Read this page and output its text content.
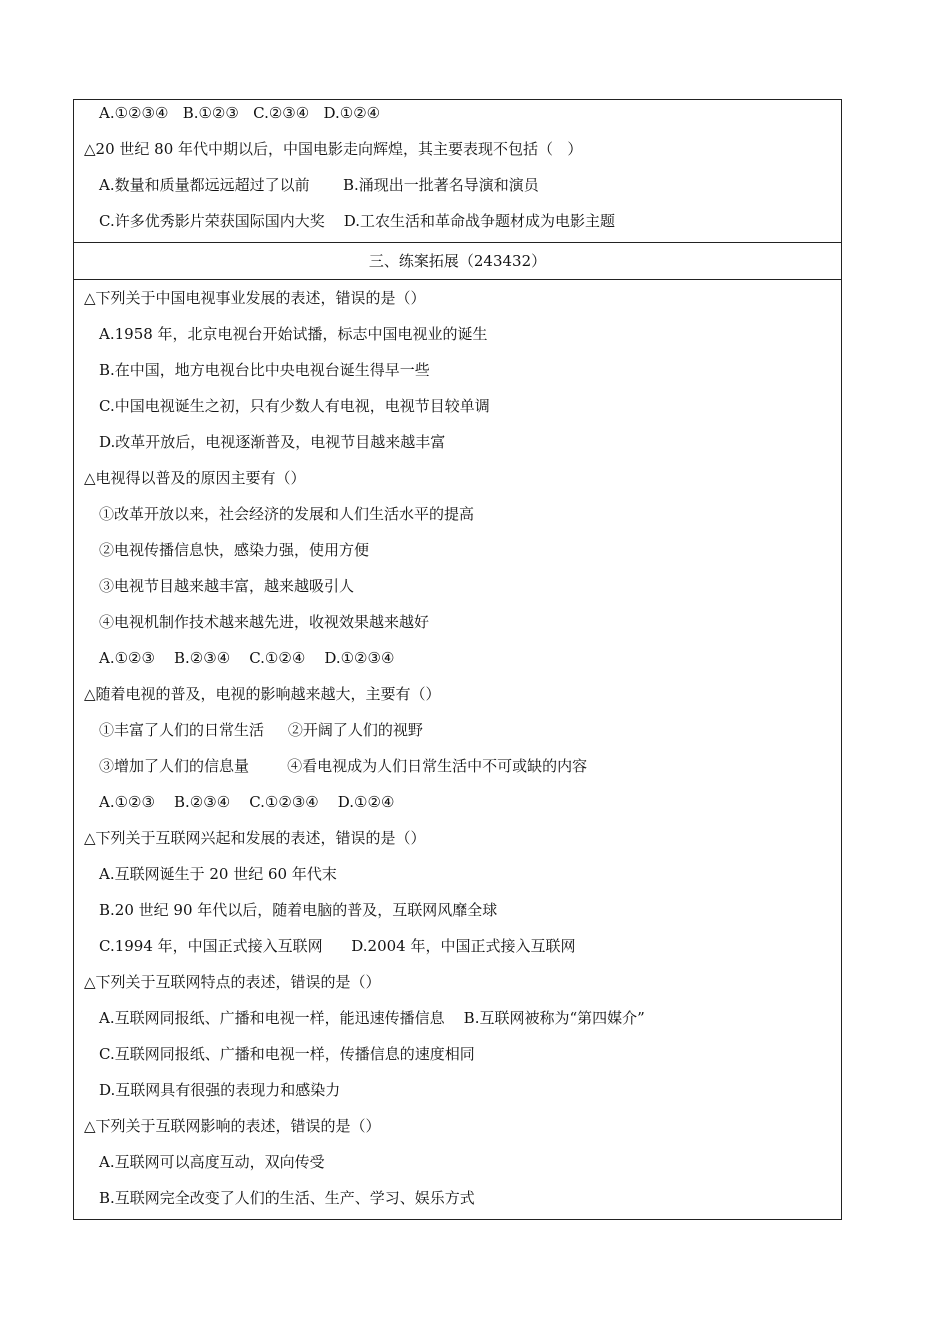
A.①②③④   B.①②③   C.②③④   D.①②④
△20 世纪 80 年代中期以后，中国电影走向辉煌，其主要表现不包括（   ）
A.数量和质量都远远超过了以前       B.涌现出一批著名导演和演员
C.许多优秀影片荣获国际国内大奖    D.工农生活和革命战争题材成为电影主题
三、练案拓展（243432）
△下列关于中国电视事业发展的表述，错误的是（）
A.1958 年，北京电视台开始试播，标志中国电视业的诞生
B.在中国，地方电视台比中央电视台诞生得早一些
C.中国电视诞生之初，只有少数人有电视，电视节目较单调
D.改革开放后，电视逐渐普及，电视节目越来越丰富
△电视得以普及的原因主要有（）
①改革开放以来，社会经济的发展和人们生活水平的提高
②电视传播信息快，感染力强，使用方便
③电视节目越来越丰富，越来越吸引人
④电视机制作技术越来越先进，收视效果越来越好
A.①②③    B.②③④    C.①②④    D.①②③④
△随着电视的普及，电视的影响越来越大，主要有（）
①丰富了人们的日常生活     ②开阔了人们的视野
③增加了人们的信息量        ④看电视成为人们日常生活中不可或缺的内容
A.①②③    B.②③④    C.①②③④    D.①②④
△下列关于互联网兴起和发展的表述，错误的是（）
A.互联网诞生于 20 世纪 60 年代末
B.20 世纪 90 年代以后，随着电脑的普及，互联网风靡全球
C.1994 年，中国正式接入互联网      D.2004 年，中国正式接入互联网
△下列关于互联网特点的表述，错误的是（）
A.互联网同报纸、广播和电视一样，能迅速传播信息    B.互联网被称为“第四媒介”
C.互联网同报纸、广播和电视一样，传播信息的速度相同
D.互联网具有很强的表现力和感染力
△下列关于互联网影响的表述，错误的是（）
A.互联网可以高度互动，双向传受
B.互联网完全改变了人们的生活、生产、学习、娱乐方式
